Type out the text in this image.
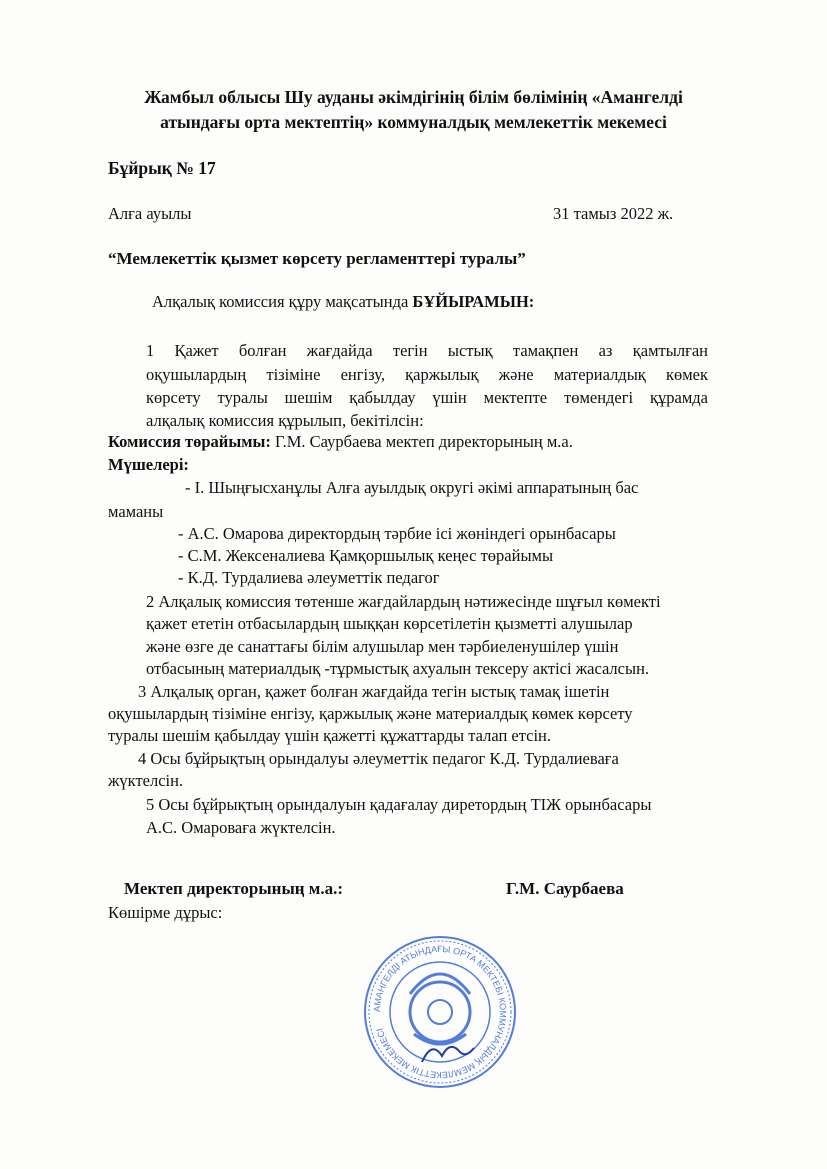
Жамбыл облысы Шу ауданы әкімдігінің білім бөлімінің «Амангелді
атындағы орта мектептің» коммуналдық мемлекеттік мекемесі
Бұйрық № 17
Алға ауылы	31 тамыз 2022 ж.
“Мемлекеттік қызмет көрсету регламенттері туралы”
Алқалық комиссия құру мақсатында БҰЙЫРАМЫН:
1 Қажет болған жағдайда тегін ыстық тамақпен аз қамтылған
оқушылардың тізіміне енгізу, қаржылық және материалдық көмек
көрсету туралы шешім қабылдау үшін мектепте төмендегі құрамда
алқалық комиссия құрылып, бекітілсін:
Комиссия төрайымы: Г.М. Саурбаева мектеп директорының м.а.
Мүшелері:
- І. Шыңғысханұлы Алға ауылдық округі әкімі аппаратының бас
маманы
- А.С. Омарова директордың тәрбие ісі жөніндегі орынбасары
- С.М. Жексеналиева Қамқоршылық кеңес төрайымы
- К.Д. Турдалиева әлеуметтік педагог
2 Алқалық комиссия төтенше жағдайлардың нәтижесінде шұғыл көмекті
қажет ететін отбасылардың шыққан көрсетілетін қызметті алушылар
және өзге де санаттағы білім алушылар мен тәрбиеленушілер үшін
отбасының материалдық -тұрмыстық ахуалын тексеру актісі жасалсын.
3 Алқалық орган, қажет болған жағдайда тегін ыстық тамақ ішетін
оқушылардың тізіміне енгізу, қаржылық және материалдық көмек көрсету
туралы шешім қабылдау үшін қажетті құжаттарды талап етсін.
4 Осы бұйрықтың орындалуы әлеуметтік педагог К.Д. Турдалиеваға
жүктелсін.
5 Осы бұйрықтың орындалуын қадағалау диретордың ТІЖ орынбасары
А.С. Омароваға жүктелсін.
Мектеп директорының м.а.:	Г.М. Саурбаева
Көшірме дұрыс:
АМАНГЕЛДІ АТЫНДАҒЫ ОРТА МЕКТЕБІ КОММУНАЛДЫҚ МЕМЛЕКЕТТІК МЕКЕМЕСІ
